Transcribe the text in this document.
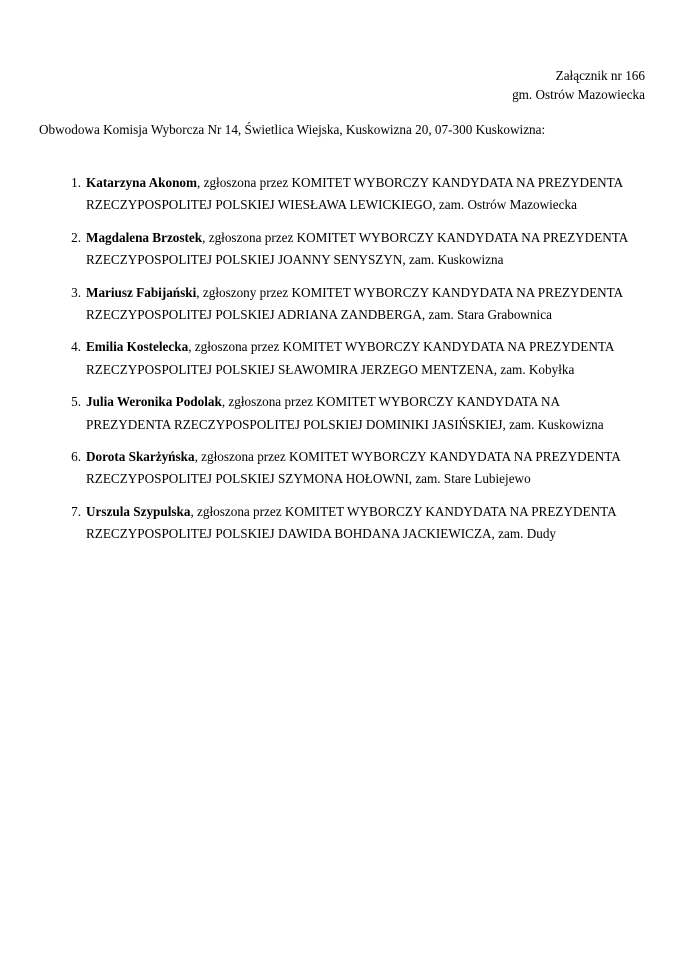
Załącznik nr 166
gm. Ostrów Mazowiecka
Obwodowa Komisja Wyborcza Nr 14, Świetlica Wiejska, Kuskowizna 20, 07-300 Kuskowizna:
1. Katarzyna Akonom, zgłoszona przez KOMITET WYBORCZY KANDYDATA NA PREZYDENTA RZECZYPOSPOLITEJ POLSKIEJ WIESŁAWA LEWICKIEGO, zam. Ostrów Mazowiecka
2. Magdalena Brzostek, zgłoszona przez KOMITET WYBORCZY KANDYDATA NA PREZYDENTA RZECZYPOSPOLITEJ POLSKIEJ JOANNY SENYSZYN, zam. Kuskowizna
3. Mariusz Fabijański, zgłoszony przez KOMITET WYBORCZY KANDYDATA NA PREZYDENTA RZECZYPOSPOLITEJ POLSKIEJ ADRIANA ZANDBERGA, zam. Stara Grabownica
4. Emilia Kostelecka, zgłoszona przez KOMITET WYBORCZY KANDYDATA NA PREZYDENTA RZECZYPOSPOLITEJ POLSKIEJ SŁAWOMIRA JERZEGO MENTZENA, zam. Kobyłka
5. Julia Weronika Podolak, zgłoszona przez KOMITET WYBORCZY KANDYDATA NA PREZYDENTA RZECZYPOSPOLITEJ POLSKIEJ DOMINIKI JASIŃSKIEJ, zam. Kuskowizna
6. Dorota Skarżyńska, zgłoszona przez KOMITET WYBORCZY KANDYDATA NA PREZYDENTA RZECZYPOSPOLITEJ POLSKIEJ SZYMONA HOŁOWNI, zam. Stare Lubiejewo
7. Urszula Szypulska, zgłoszona przez KOMITET WYBORCZY KANDYDATA NA PREZYDENTA RZECZYPOSPOLITEJ POLSKIEJ DAWIDA BOHDANA JACKIEWICZA, zam. Dudy
